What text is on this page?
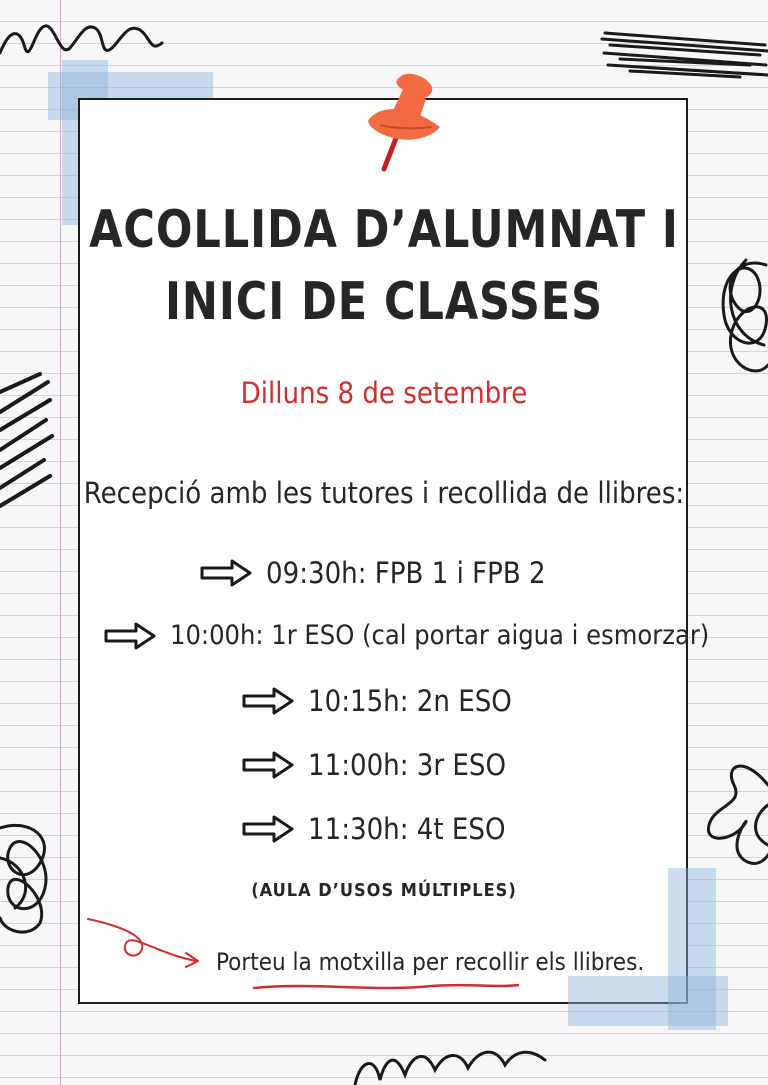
ACOLLIDA D’ALUMNAT I
INICI DE CLASSES
Dilluns 8 de setembre
Recepció amb les tutores i recollida de llibres:
09:30h: FPB 1 i FPB 2
10:00h: 1r ESO (cal portar aigua i esmorzar)
10:15h: 2n ESO
11:00h: 3r ESO
11:30h: 4t ESO
(AULA D’USOS MÚLTIPLES)
Porteu la motxilla per recollir els llibres.
